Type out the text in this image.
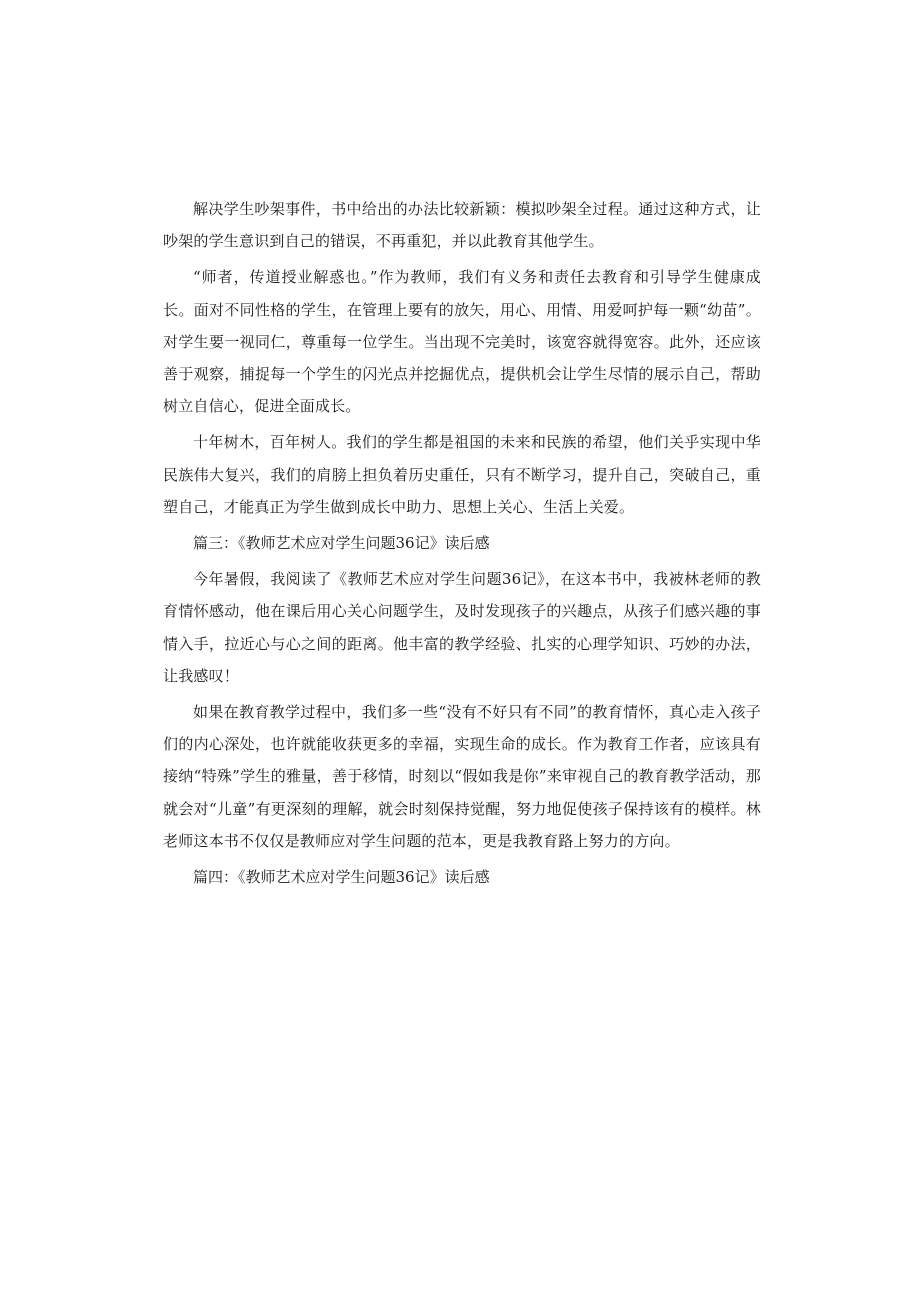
解决学生吵架事件，书中给出的办法比较新颖：模拟吵架全过程。通过这种方式，让吵架的学生意识到自己的错误，不再重犯，并以此教育其他学生。

“师者，传道授业解惑也。”作为教师，我们有义务和责任去教育和引导学生健康成长。面对不同性格的学生，在管理上要有的放矢，用心、用情、用爱呵护每一颗“幼苗”。对学生要一视同仁，尊重每一位学生。当出现不完美时，该宽容就得宽容。此外，还应该善于观察，捕捉每一个学生的闪光点并挖掘优点，提供机会让学生尽情的展示自己，帮助树立自信心，促进全面成长。

十年树木，百年树人。我们的学生都是祖国的未来和民族的希望，他们关乎实现中华民族伟大复兴，我们的肩膀上担负着历史重任，只有不断学习，提升自己，突破自己，重塑自己，才能真正为学生做到成长中助力、思想上关心、生活上关爱。

篇三：《教师艺术应对学生问题36记》读后感

今年暑假，我阅读了《教师艺术应对学生问题36记》，在这本书中，我被林老师的教育情怀感动，他在课后用心关心问题学生，及时发现孩子的兴趣点，从孩子们感兴趣的事情入手，拉近心与心之间的距离。他丰富的教学经验、扎实的心理学知识、巧妙的办法，让我感叹！

如果在教育教学过程中，我们多一些“没有不好只有不同”的教育情怀，真心走入孩子们的内心深处，也许就能收获更多的幸福，实现生命的成长。作为教育工作者，应该具有接纳“特殊”学生的雅量，善于移情，时刻以“假如我是你”来审视自己的教育教学活动，那就会对“儿童”有更深刻的理解，就会时刻保持觉醒，努力地促使孩子保持该有的模样。林老师这本书不仅仅是教师应对学生问题的范本，更是我教育路上努力的方向。

篇四：《教师艺术应对学生问题36记》读后感
